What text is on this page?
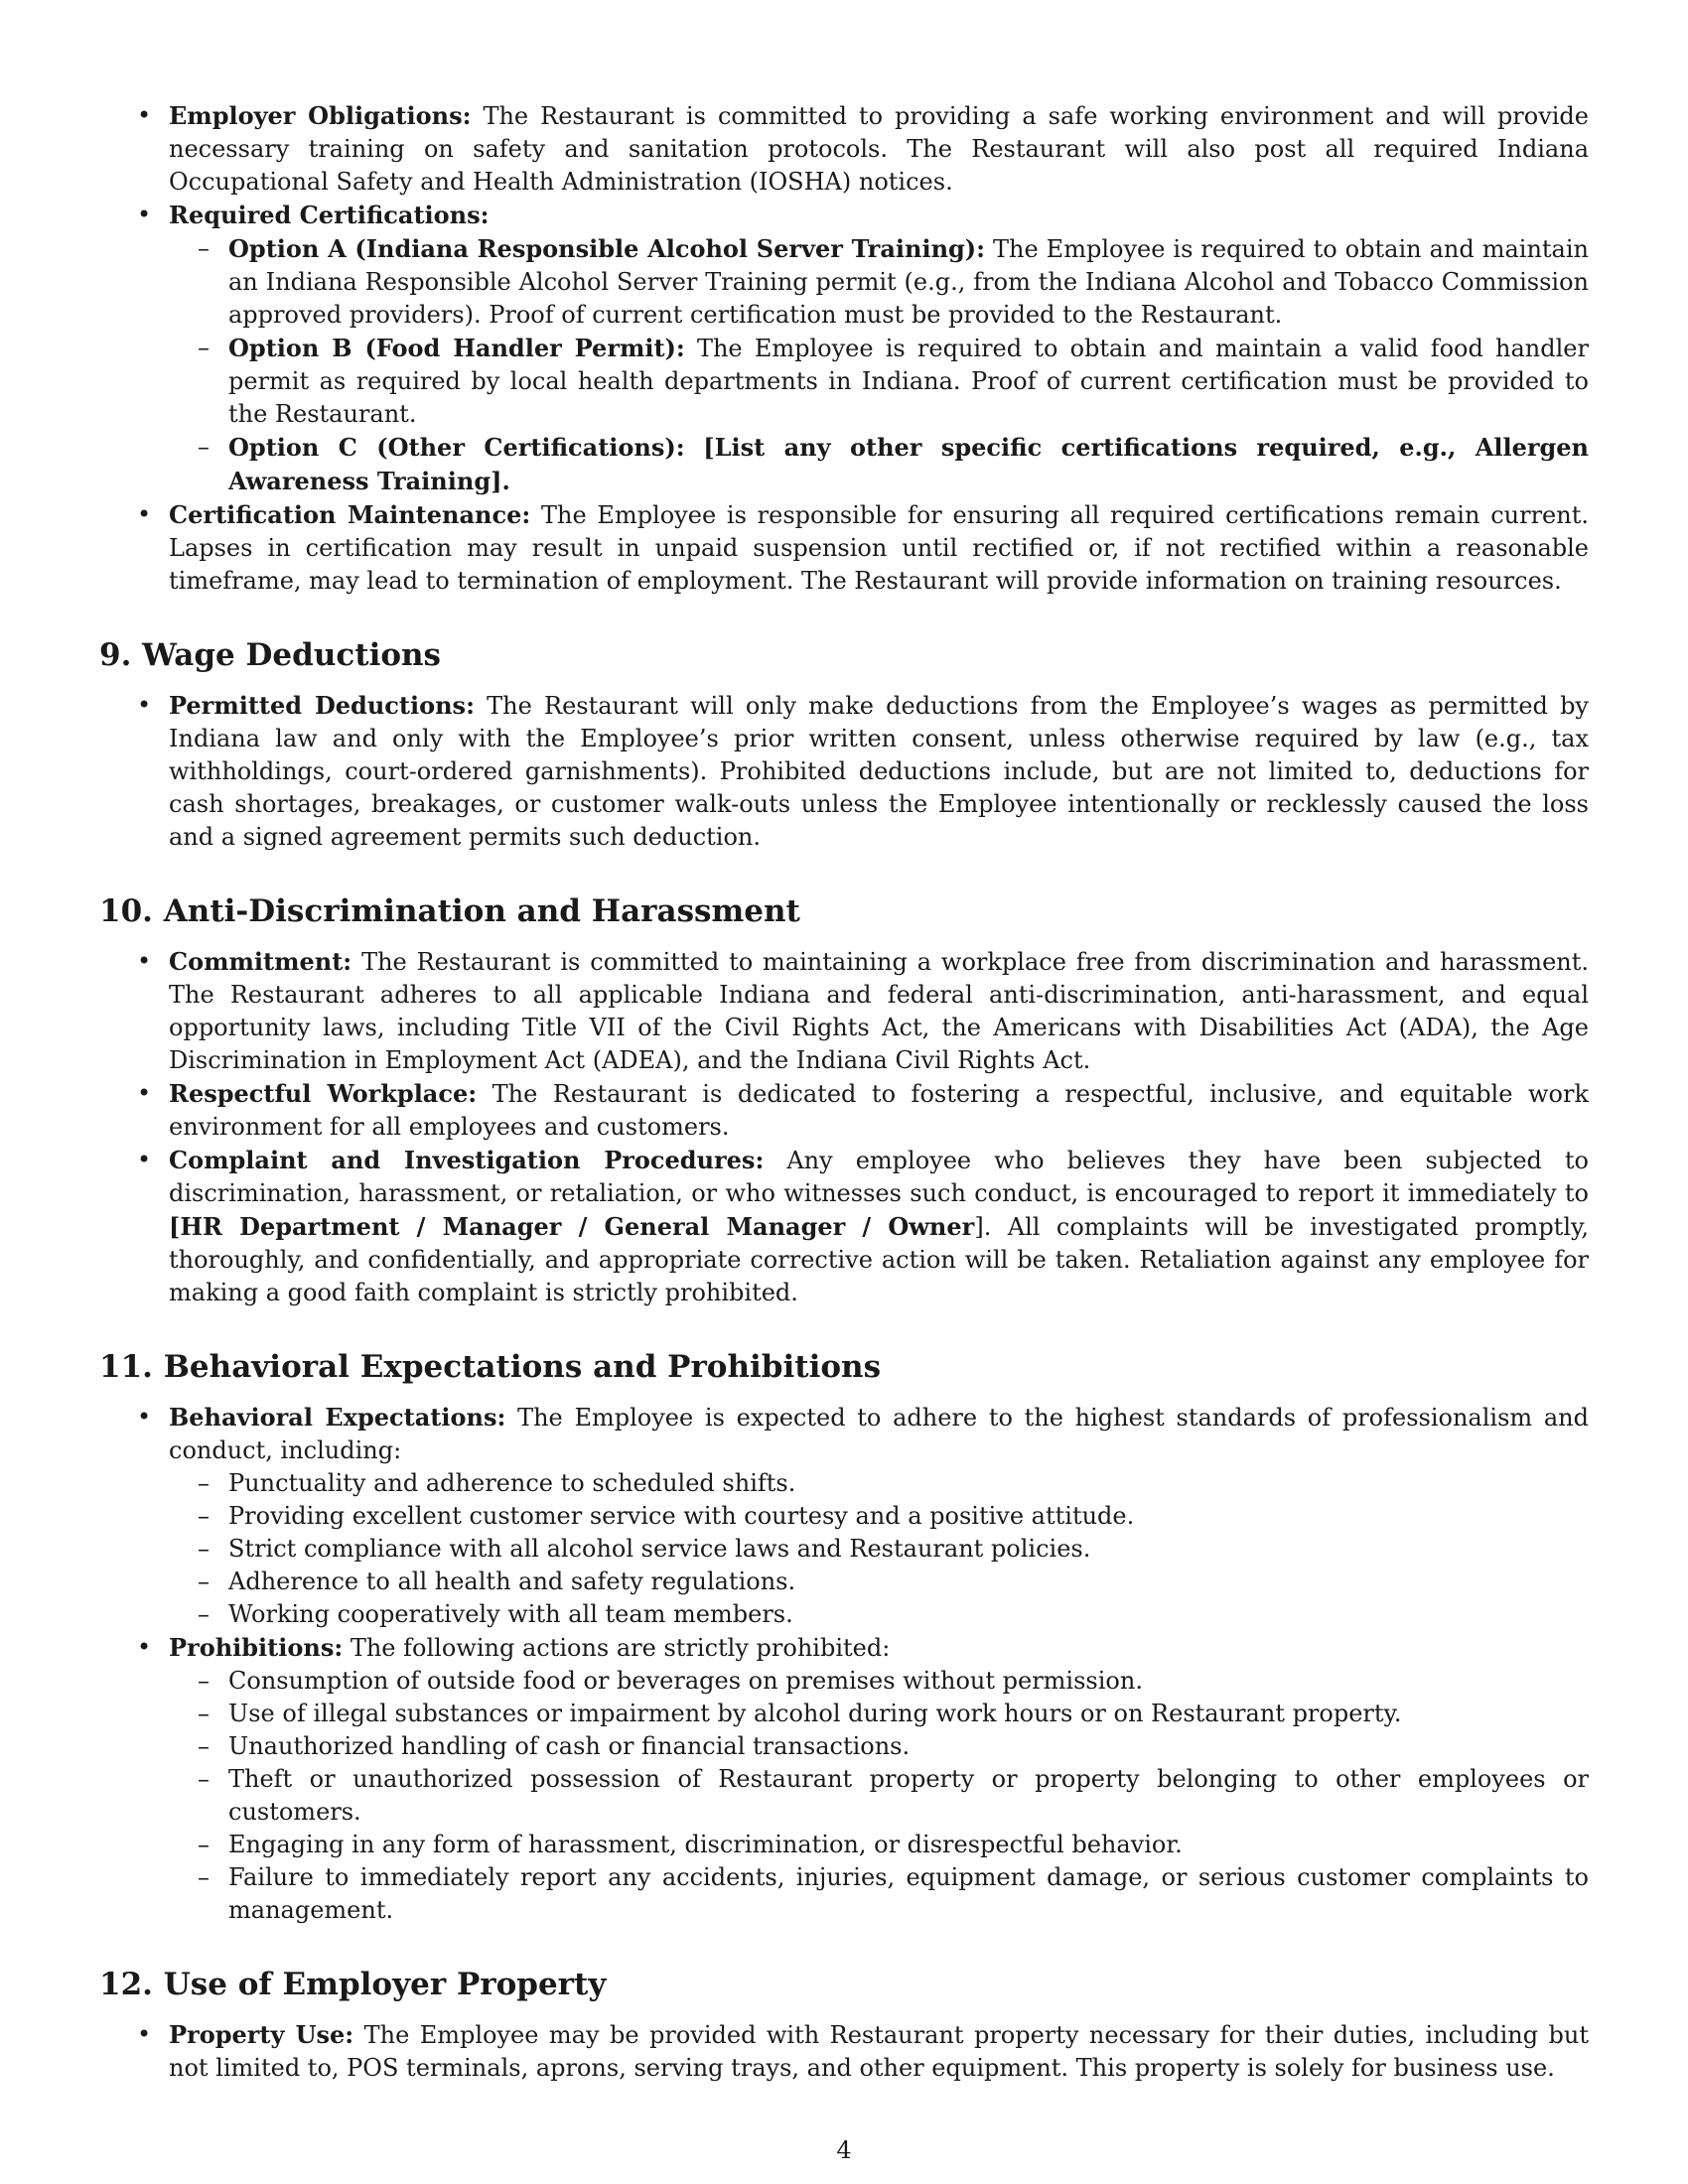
• Employer Obligations: The Restaurant is committed to providing a safe working environment and will provide necessary training on safety and sanitation protocols. The Restaurant will also post all required Indiana Occupational Safety and Health Administration (IOSHA) notices.
• Required Certifications:
– Option A (Indiana Responsible Alcohol Server Training): The Employee is required to obtain and maintain an Indiana Responsible Alcohol Server Training permit (e.g., from the Indiana Alcohol and Tobacco Commission approved providers). Proof of current certification must be provided to the Restaurant.
– Option B (Food Handler Permit): The Employee is required to obtain and maintain a valid food handler permit as required by local health departments in Indiana. Proof of current certification must be provided to the Restaurant.
– Option C (Other Certifications): [List any other specific certifications required, e.g., Allergen Awareness Training].
• Certification Maintenance: The Employee is responsible for ensuring all required certifications remain current. Lapses in certification may result in unpaid suspension until rectified or, if not rectified within a reasonable timeframe, may lead to termination of employment. The Restaurant will provide information on training resources.
9. Wage Deductions
• Permitted Deductions: The Restaurant will only make deductions from the Employee’s wages as permitted by Indiana law and only with the Employee’s prior written consent, unless otherwise required by law (e.g., tax withholdings, court-ordered garnishments). Prohibited deductions include, but are not limited to, deductions for cash shortages, breakages, or customer walk-outs unless the Employee intentionally or recklessly caused the loss and a signed agreement permits such deduction.
10. Anti-Discrimination and Harassment
• Commitment: The Restaurant is committed to maintaining a workplace free from discrimination and harassment. The Restaurant adheres to all applicable Indiana and federal anti-discrimination, anti-harassment, and equal opportunity laws, including Title VII of the Civil Rights Act, the Americans with Disabilities Act (ADA), the Age Discrimination in Employment Act (ADEA), and the Indiana Civil Rights Act.
• Respectful Workplace: The Restaurant is dedicated to fostering a respectful, inclusive, and equitable work environment for all employees and customers.
• Complaint and Investigation Procedures: Any employee who believes they have been subjected to discrimination, harassment, or retaliation, or who witnesses such conduct, is encouraged to report it immediately to [HR Department / Manager / General Manager / Owner]. All complaints will be investigated promptly, thoroughly, and confidentially, and appropriate corrective action will be taken. Retaliation against any employee for making a good faith complaint is strictly prohibited.
11. Behavioral Expectations and Prohibitions
• Behavioral Expectations: The Employee is expected to adhere to the highest standards of professionalism and conduct, including:
– Punctuality and adherence to scheduled shifts.
– Providing excellent customer service with courtesy and a positive attitude.
– Strict compliance with all alcohol service laws and Restaurant policies.
– Adherence to all health and safety regulations.
– Working cooperatively with all team members.
• Prohibitions: The following actions are strictly prohibited:
– Consumption of outside food or beverages on premises without permission.
– Use of illegal substances or impairment by alcohol during work hours or on Restaurant property.
– Unauthorized handling of cash or financial transactions.
– Theft or unauthorized possession of Restaurant property or property belonging to other employees or customers.
– Engaging in any form of harassment, discrimination, or disrespectful behavior.
– Failure to immediately report any accidents, injuries, equipment damage, or serious customer complaints to management.
12. Use of Employer Property
• Property Use: The Employee may be provided with Restaurant property necessary for their duties, including but not limited to, POS terminals, aprons, serving trays, and other equipment. This property is solely for business use.
4
